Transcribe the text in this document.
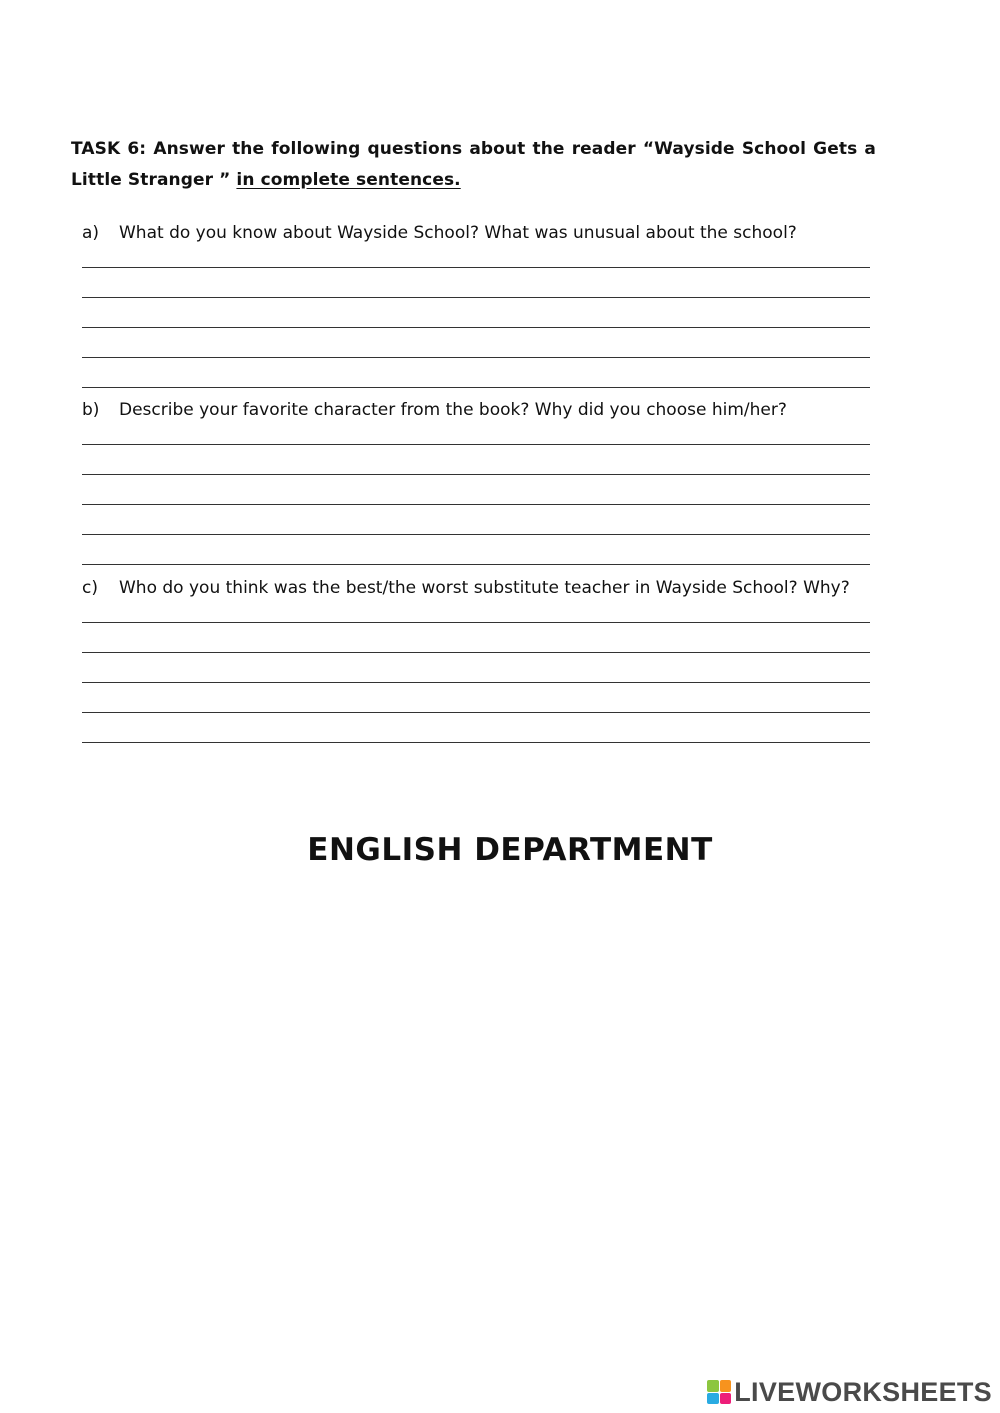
TASK 6: Answer the following questions about the reader “Wayside School Gets a Little Stranger ” in complete sentences.
a)	What do you know about Wayside School? What was unusual about the school?
b)	Describe your favorite character from the book? Why did you choose him/her?
c)	Who do you think was the best/the worst substitute teacher in Wayside School? Why?
ENGLISH DEPARTMENT
LIVEWORKSHEETS
